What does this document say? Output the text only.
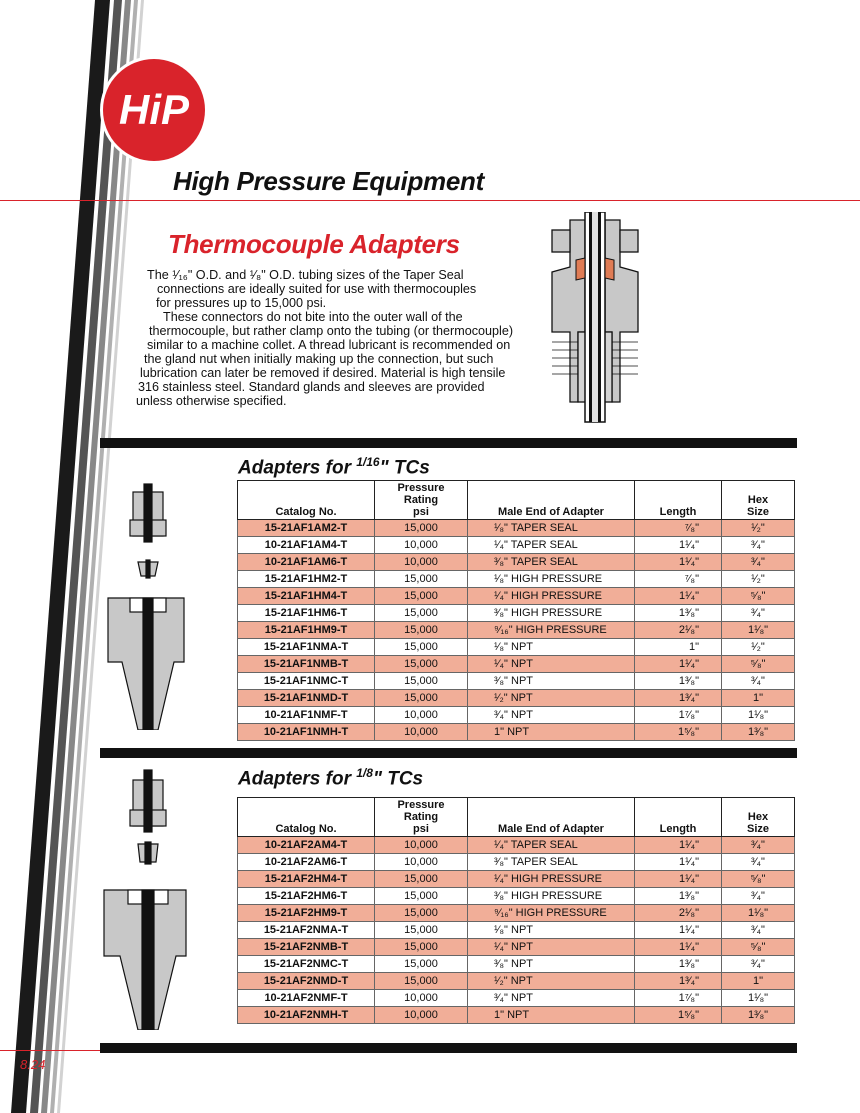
HiP
High Pressure Equipment
Thermocouple Adapters
The ¹⁄₁₆" O.D. and ¹⁄₈" O.D. tubing sizes of the Taper Seal
connections are ideally suited for use with thermocouples
for pressures up to 15,000 psi.
These connectors do not bite into the outer wall of the
thermocouple, but rather clamp onto the tubing (or thermocouple)
similar to a machine collet. A thread lubricant is recommended on
the gland nut when initially making up the connection, but such
lubrication can later be removed if desired. Material is high tensile
316 stainless steel. Standard glands and sleeves are provided
unless otherwise specified.
Adapters for $^{1/16}$" TCs
Catalog No.	Pressure
Rating
psi	Male End of Adapter	Length	Hex
Size
15-21AF1AM2-T	15,000	¹⁄₈" TAPER SEAL	⁷⁄₈"	¹⁄₂"
10-21AF1AM4-T	10,000	¹⁄₄" TAPER SEAL	1¹⁄₄"	³⁄₄"
10-21AF1AM6-T	10,000	³⁄₈" TAPER SEAL	1¹⁄₄"	³⁄₄"
15-21AF1HM2-T	15,000	¹⁄₈" HIGH PRESSURE	⁷⁄₈"	¹⁄₂"
15-21AF1HM4-T	15,000	¹⁄₄" HIGH PRESSURE	1¹⁄₄"	⁵⁄₈"
15-21AF1HM6-T	15,000	³⁄₈" HIGH PRESSURE	1³⁄₈"	³⁄₄"
15-21AF1HM9-T	15,000	⁹⁄₁₆" HIGH PRESSURE	2¹⁄₈"	1¹⁄₈"
15-21AF1NMA-T	15,000	¹⁄₈" NPT	1"	¹⁄₂"
15-21AF1NMB-T	15,000	¹⁄₄" NPT	1¹⁄₄"	⁵⁄₈"
15-21AF1NMC-T	15,000	³⁄₈" NPT	1³⁄₈"	³⁄₄"
15-21AF1NMD-T	15,000	¹⁄₂" NPT	1³⁄₄"	1"
10-21AF1NMF-T	10,000	³⁄₄" NPT	1⁷⁄₈"	1¹⁄₈"
10-21AF1NMH-T	10,000	1" NPT	1⁵⁄₈"	1³⁄₈"
Adapters for $^{1/8}$" TCs
Catalog No.	Pressure
Rating
psi	Male End of Adapter	Length	Hex
Size
10-21AF2AM4-T	10,000	¹⁄₄" TAPER SEAL	1¹⁄₄"	³⁄₄"
10-21AF2AM6-T	10,000	³⁄₈" TAPER SEAL	1¹⁄₄"	³⁄₄"
15-21AF2HM4-T	15,000	¹⁄₄" HIGH PRESSURE	1¹⁄₄"	⁵⁄₈"
15-21AF2HM6-T	15,000	³⁄₈" HIGH PRESSURE	1³⁄₈"	³⁄₄"
15-21AF2HM9-T	15,000	⁹⁄₁₆" HIGH PRESSURE	2¹⁄₈"	1¹⁄₈"
15-21AF2NMA-T	15,000	¹⁄₈" NPT	1¹⁄₄"	³⁄₄"
15-21AF2NMB-T	15,000	¹⁄₄" NPT	1¹⁄₄"	⁵⁄₈"
15-21AF2NMC-T	15,000	³⁄₈" NPT	1³⁄₈"	³⁄₄"
15-21AF2NMD-T	15,000	¹⁄₂" NPT	1³⁄₄"	1"
10-21AF2NMF-T	10,000	³⁄₄" NPT	1⁷⁄₈"	1¹⁄₈"
10-21AF2NMH-T	10,000	1" NPT	1⁵⁄₈"	1³⁄₈"
8.24
